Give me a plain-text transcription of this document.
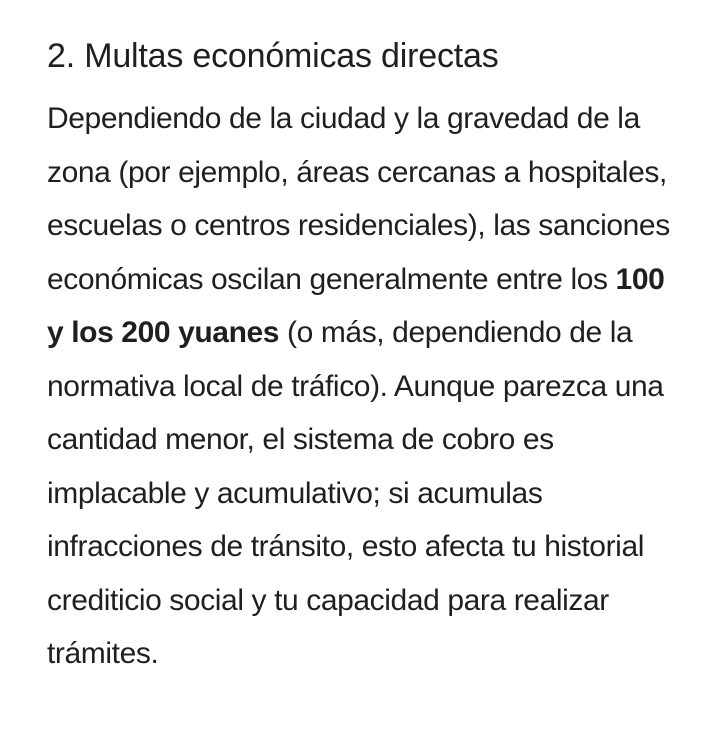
2. Multas económicas directas

Dependiendo de la ciudad y la gravedad de la zona (por ejemplo, áreas cercanas a hospitales, escuelas o centros residenciales), las sanciones económicas oscilan generalmente entre los 100 y los 200 yuanes (o más, dependiendo de la normativa local de tráfico). Aunque parezca una cantidad menor, el sistema de cobro es implacable y acumulativo; si acumulas infracciones de tránsito, esto afecta tu historial crediticio social y tu capacidad para realizar trámites.
